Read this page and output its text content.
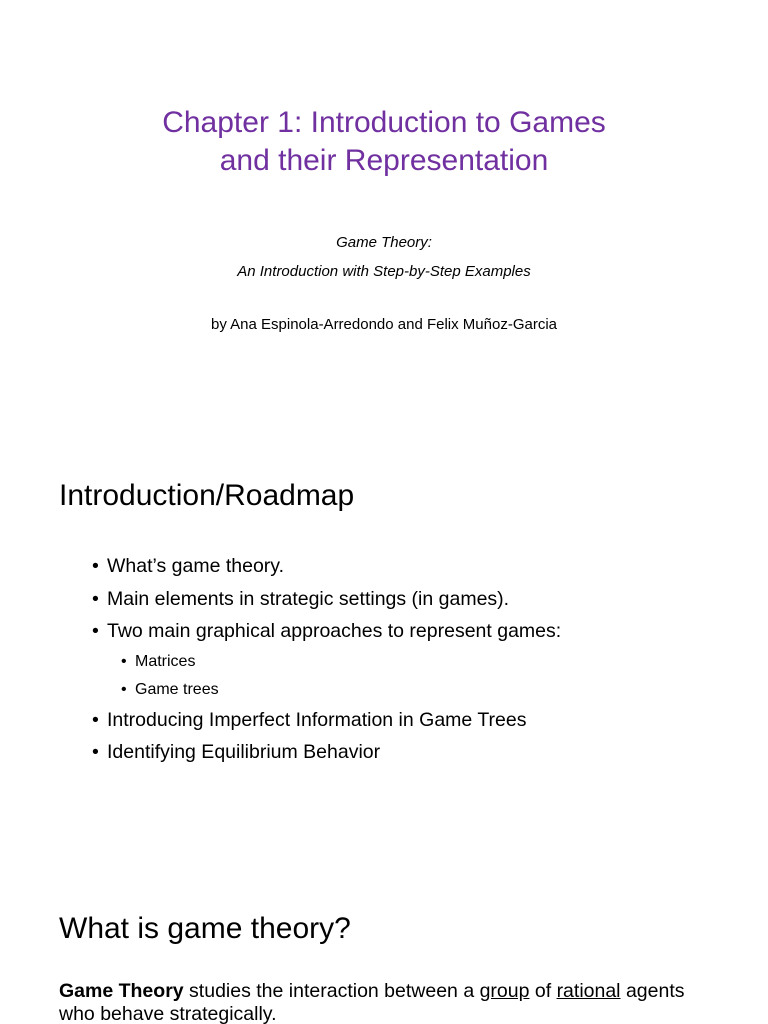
Chapter 1: Introduction to Games
and their Representation

Game Theory:
An Introduction with Step-by-Step Examples

by Ana Espinola-Arredondo and Felix Muñoz-Garcia

Introduction/Roadmap
• What’s game theory.
• Main elements in strategic settings (in games).
• Two main graphical approaches to represent games:
• Matrices
• Game trees
• Introducing Imperfect Information in Game Trees
• Identifying Equilibrium Behavior
What is game theory?

Game Theory studies the interaction between a group of rational agents who behave strategically.
